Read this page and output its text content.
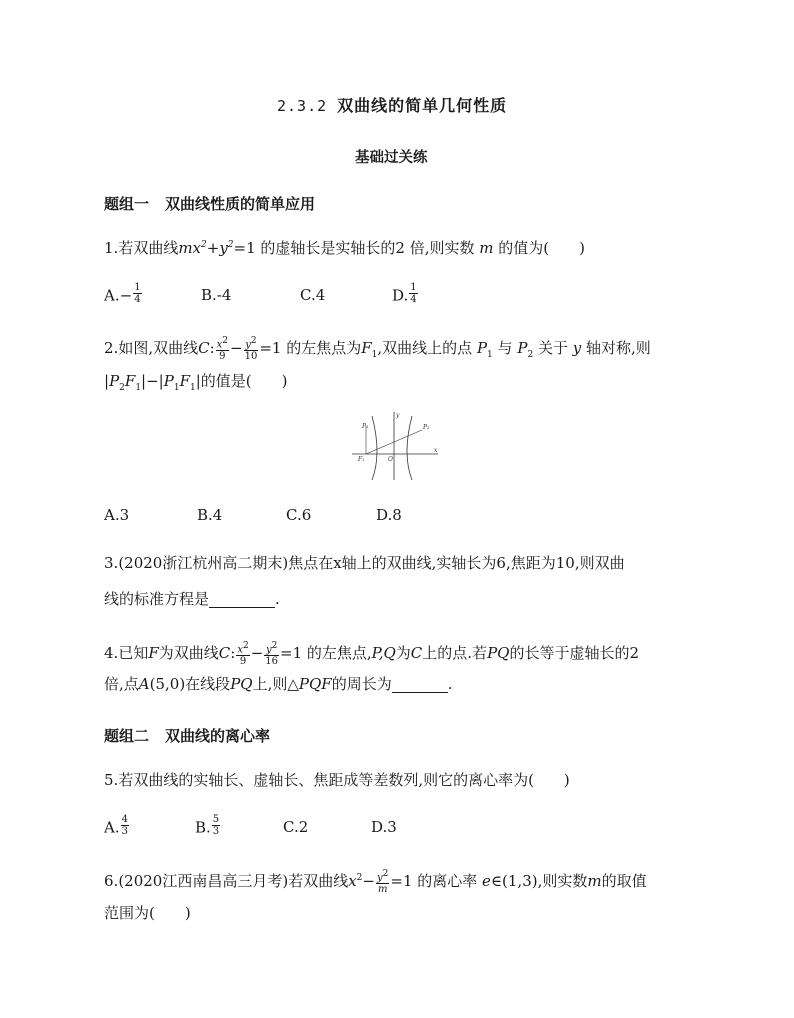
2.3.2 双曲线的简单几何性质
基础过关练
题组一 双曲线性质的简单应用
1.若双曲线$mx^2+y^2=1$ 的虚轴长是实轴长的2 倍,则实数 m 的值为(　　)
$A.- \frac{1}{4}$	B.-4	C.4	D. $\frac{1}{4}$
2.如图,双曲线C: $\frac{x^2}{9} - \frac{y^2}{10} =1$ 的左焦点为$F_1$,双曲线上的点 $P_1$ 与 $P_2$ 关于 y 轴对称,则
$|P_2F_1|-|P_1F_1|$的值是(　　)
P₁	P₂
F₁	O
x
y
A.3	B.4	C.6	D.8
3.(2020浙江杭州高二期末)焦点在x轴上的双曲线,实轴长为6,焦距为10,则双曲
线的标准方程是	.
4.已知F为双曲线C: $\frac{x^2}{9} - \frac{y^2}{16} =1$ 的左焦点,P,Q为C上的点.若PQ的长等于虚轴长的2
倍,点A(5,0)在线段PQ上,则△PQF的周长为	.
题组二 双曲线的离心率
5.若双曲线的实轴长、虚轴长、焦距成等差数列,则它的离心率为(　　)
A. $\frac{4}{3}$	B. $\frac{5}{3}$	C.2	D.3
6.(2020江西南昌高三月考)若双曲线$x^2- \frac{y^2}{m} =1$ 的离心率 e∈(1,3),则实数m的取值
范围为(　　)
